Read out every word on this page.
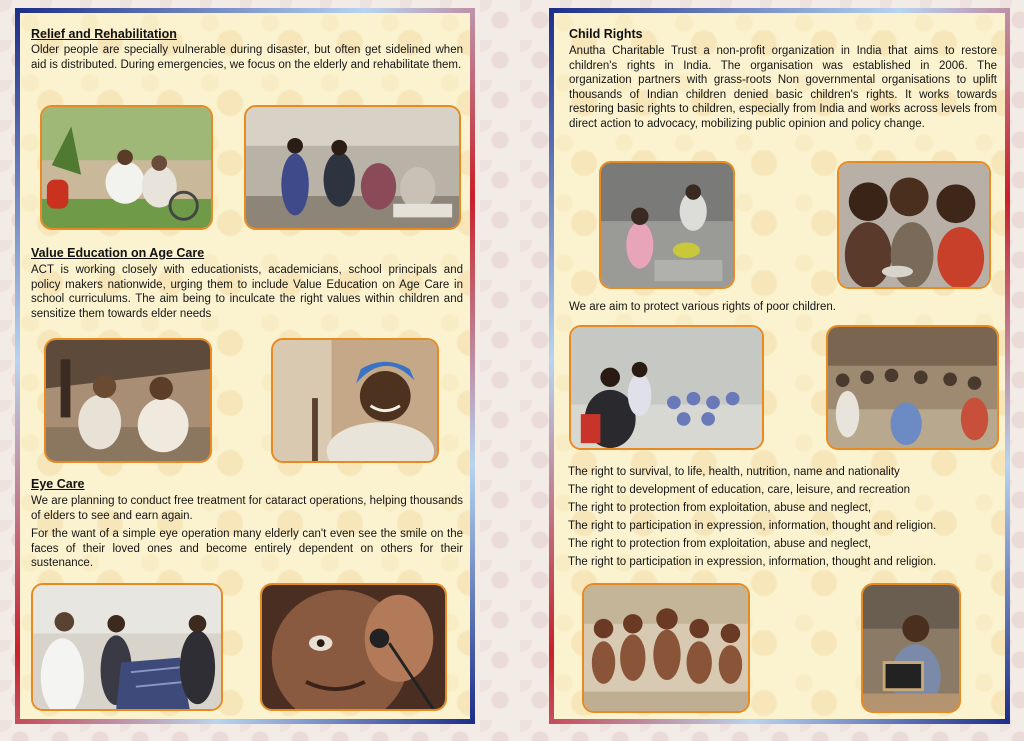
Relief and Rehabilitation

Older people are specially vulnerable during disaster, but often get sidelined when aid is distributed. During emergencies, we focus on the elderly and rehabilitate them.

Value Education on Age Care

ACT is working closely with educationists, academicians, school principals and policy makers nationwide, urging them to include Value Education on Age Care in school curriculums. The aim being to inculcate the right values within children and sensitize them towards elder needs

Eye Care

We are planning to conduct free treatment for cataract operations, helping thousands of elders to see and earn again.

For the want of a simple eye operation many elderly can't even see the smile on the faces of their loved ones and become entirely dependent on others for their sustenance.

Child Rights

Anutha Charitable Trust a non-profit organization in India that aims to restore children's rights in India. The organisation was established in 2006. The organization partners with grass-roots Non governmental organisations to uplift thousands of Indian children denied basic children's rights. It works towards restoring basic rights to children, especially from India and works across levels from direct action to advocacy, mobilizing public opinion and policy change.

We are aim to protect various rights of poor children.

The right to survival, to life, health, nutrition, name and nationality
The right to development of education, care, leisure, and recreation
The right to protection from exploitation, abuse and neglect,
The right to participation in expression, information, thought and religion.
The right to protection from exploitation, abuse and neglect,
The right to participation in expression, information, thought and religion.
